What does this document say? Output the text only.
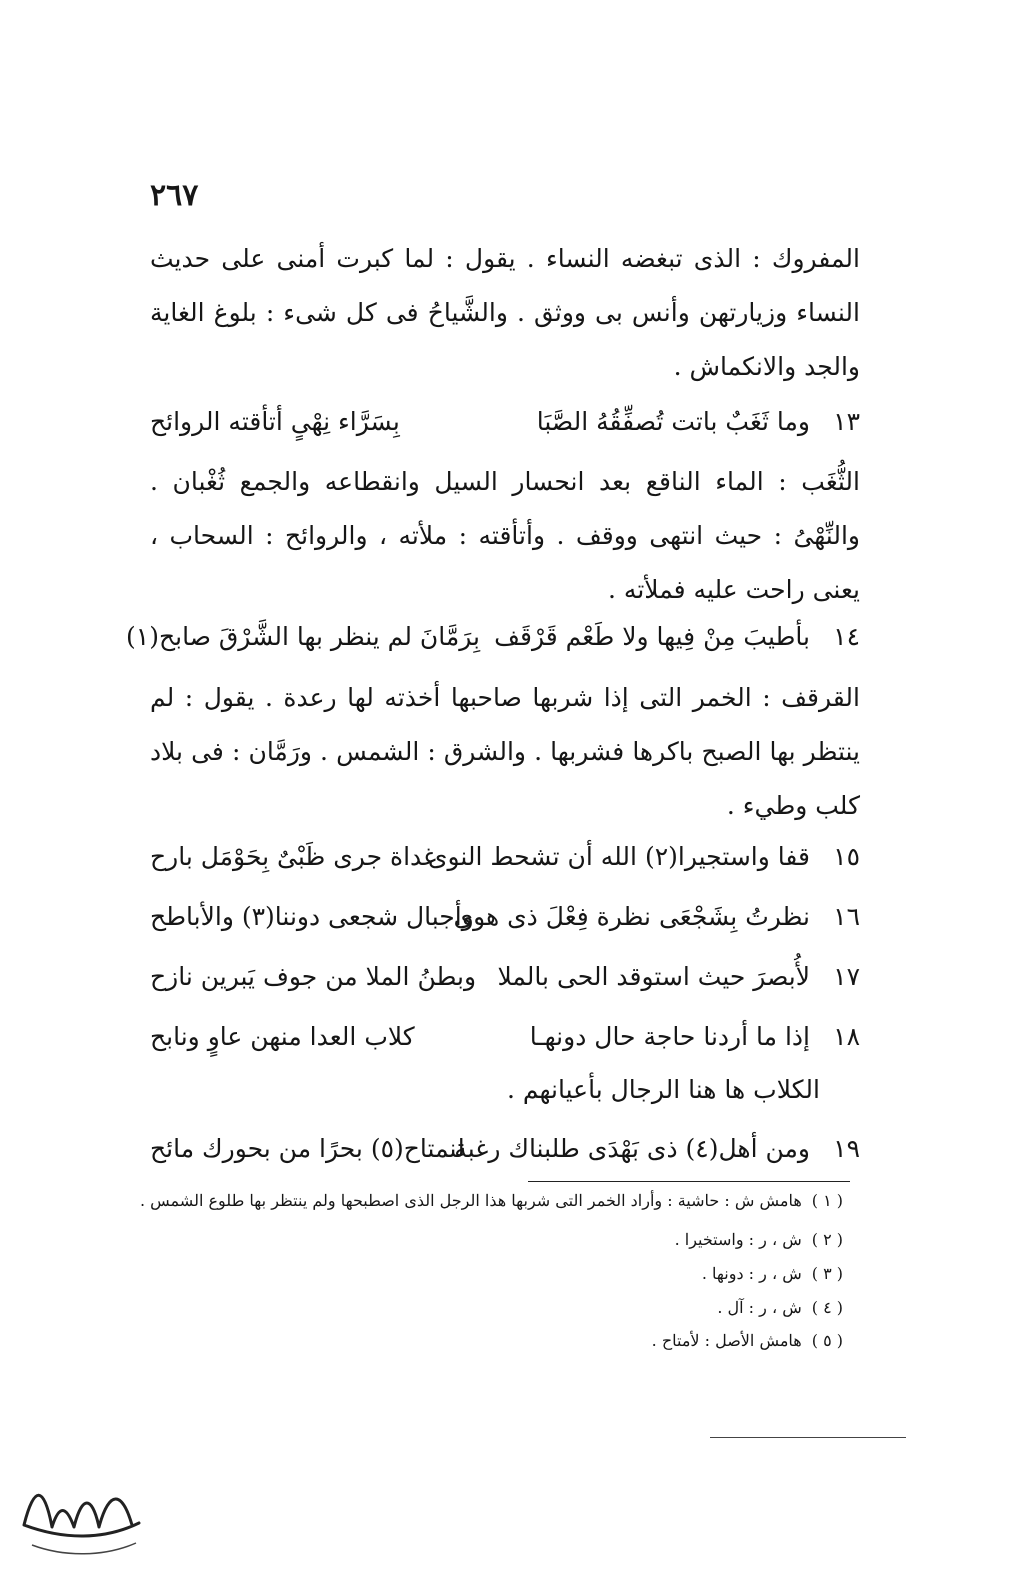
٢٦٧
المفروك : الذى تبغضه النساء . يقول : لما كبرت أمنى على حديث النساء وزيارتهن وأنس بى ووثق . والشَّياحُ فى كل شىء : بلوغ الغاية والجد والانكماش .
١٣
وما ثَغَبٌ باتت تُصفِّقُهُ الصَّبَا
بِسَرَّاء نِهْىٍ أتأقته الروائح
الثُّغَب : الماء الناقع بعد انحسار السيل وانقطاعه والجمع ثُغْبان . والنِّهْىُ : حيث انتهى ووقف . وأتأقته : ملأته ، والروائح : السحاب ، يعنى راحت عليه فملأته .
١٤
بأطيبَ مِنْ فِيها ولا طَعْم قَرْقَف
بِرَمَّانَ لم ينظر بها الشَّرْقَ صابح(١)
القرقف : الخمر التى إذا شربها صاحبها أخذته لها رعدة . يقول : لم ينتظر بها الصبح باكرها فشربها . والشرق : الشمس . ورَمَّان : فى بلاد كلب وطيء .
١٥
قفا واستجيرا(٢) الله أن تشحط النوى
غداة جرى ظَبْىٌ بِحَوْمَل بارح
١٦
نظرتُ بِشَجْعَى نظرة فِعْلَ ذى هوى
وأجبال شجعى دوننا(٣) والأباطح
١٧
لأُبصرَ حيث استوقد الحى بالملا
وبطنُ الملا من جوف يَبرين نازح
١٨
إذا ما أردنا حاجة حال دونهـا
كلاب العدا منهن عاوٍ ونابح
الكلاب ها هنا الرجال بأعيانهم .
١٩
ومن أهل(٤) ذى بَهْدَى طلبناك رغبة
لنمتاح(٥) بحرًا من بحورك مائح
( ١ )هامش ش : حاشية : وأراد الخمر التى شربها هذا الرجل الذى اصطبحها ولم ينتظر بها طلوع الشمس .
( ٢ )ش ، ر : واستخيرا .
( ٣ )ش ، ر : دونها .
( ٤ )ش ، ر : آل .
( ٥ )هامش الأصل : لأمتاح .
